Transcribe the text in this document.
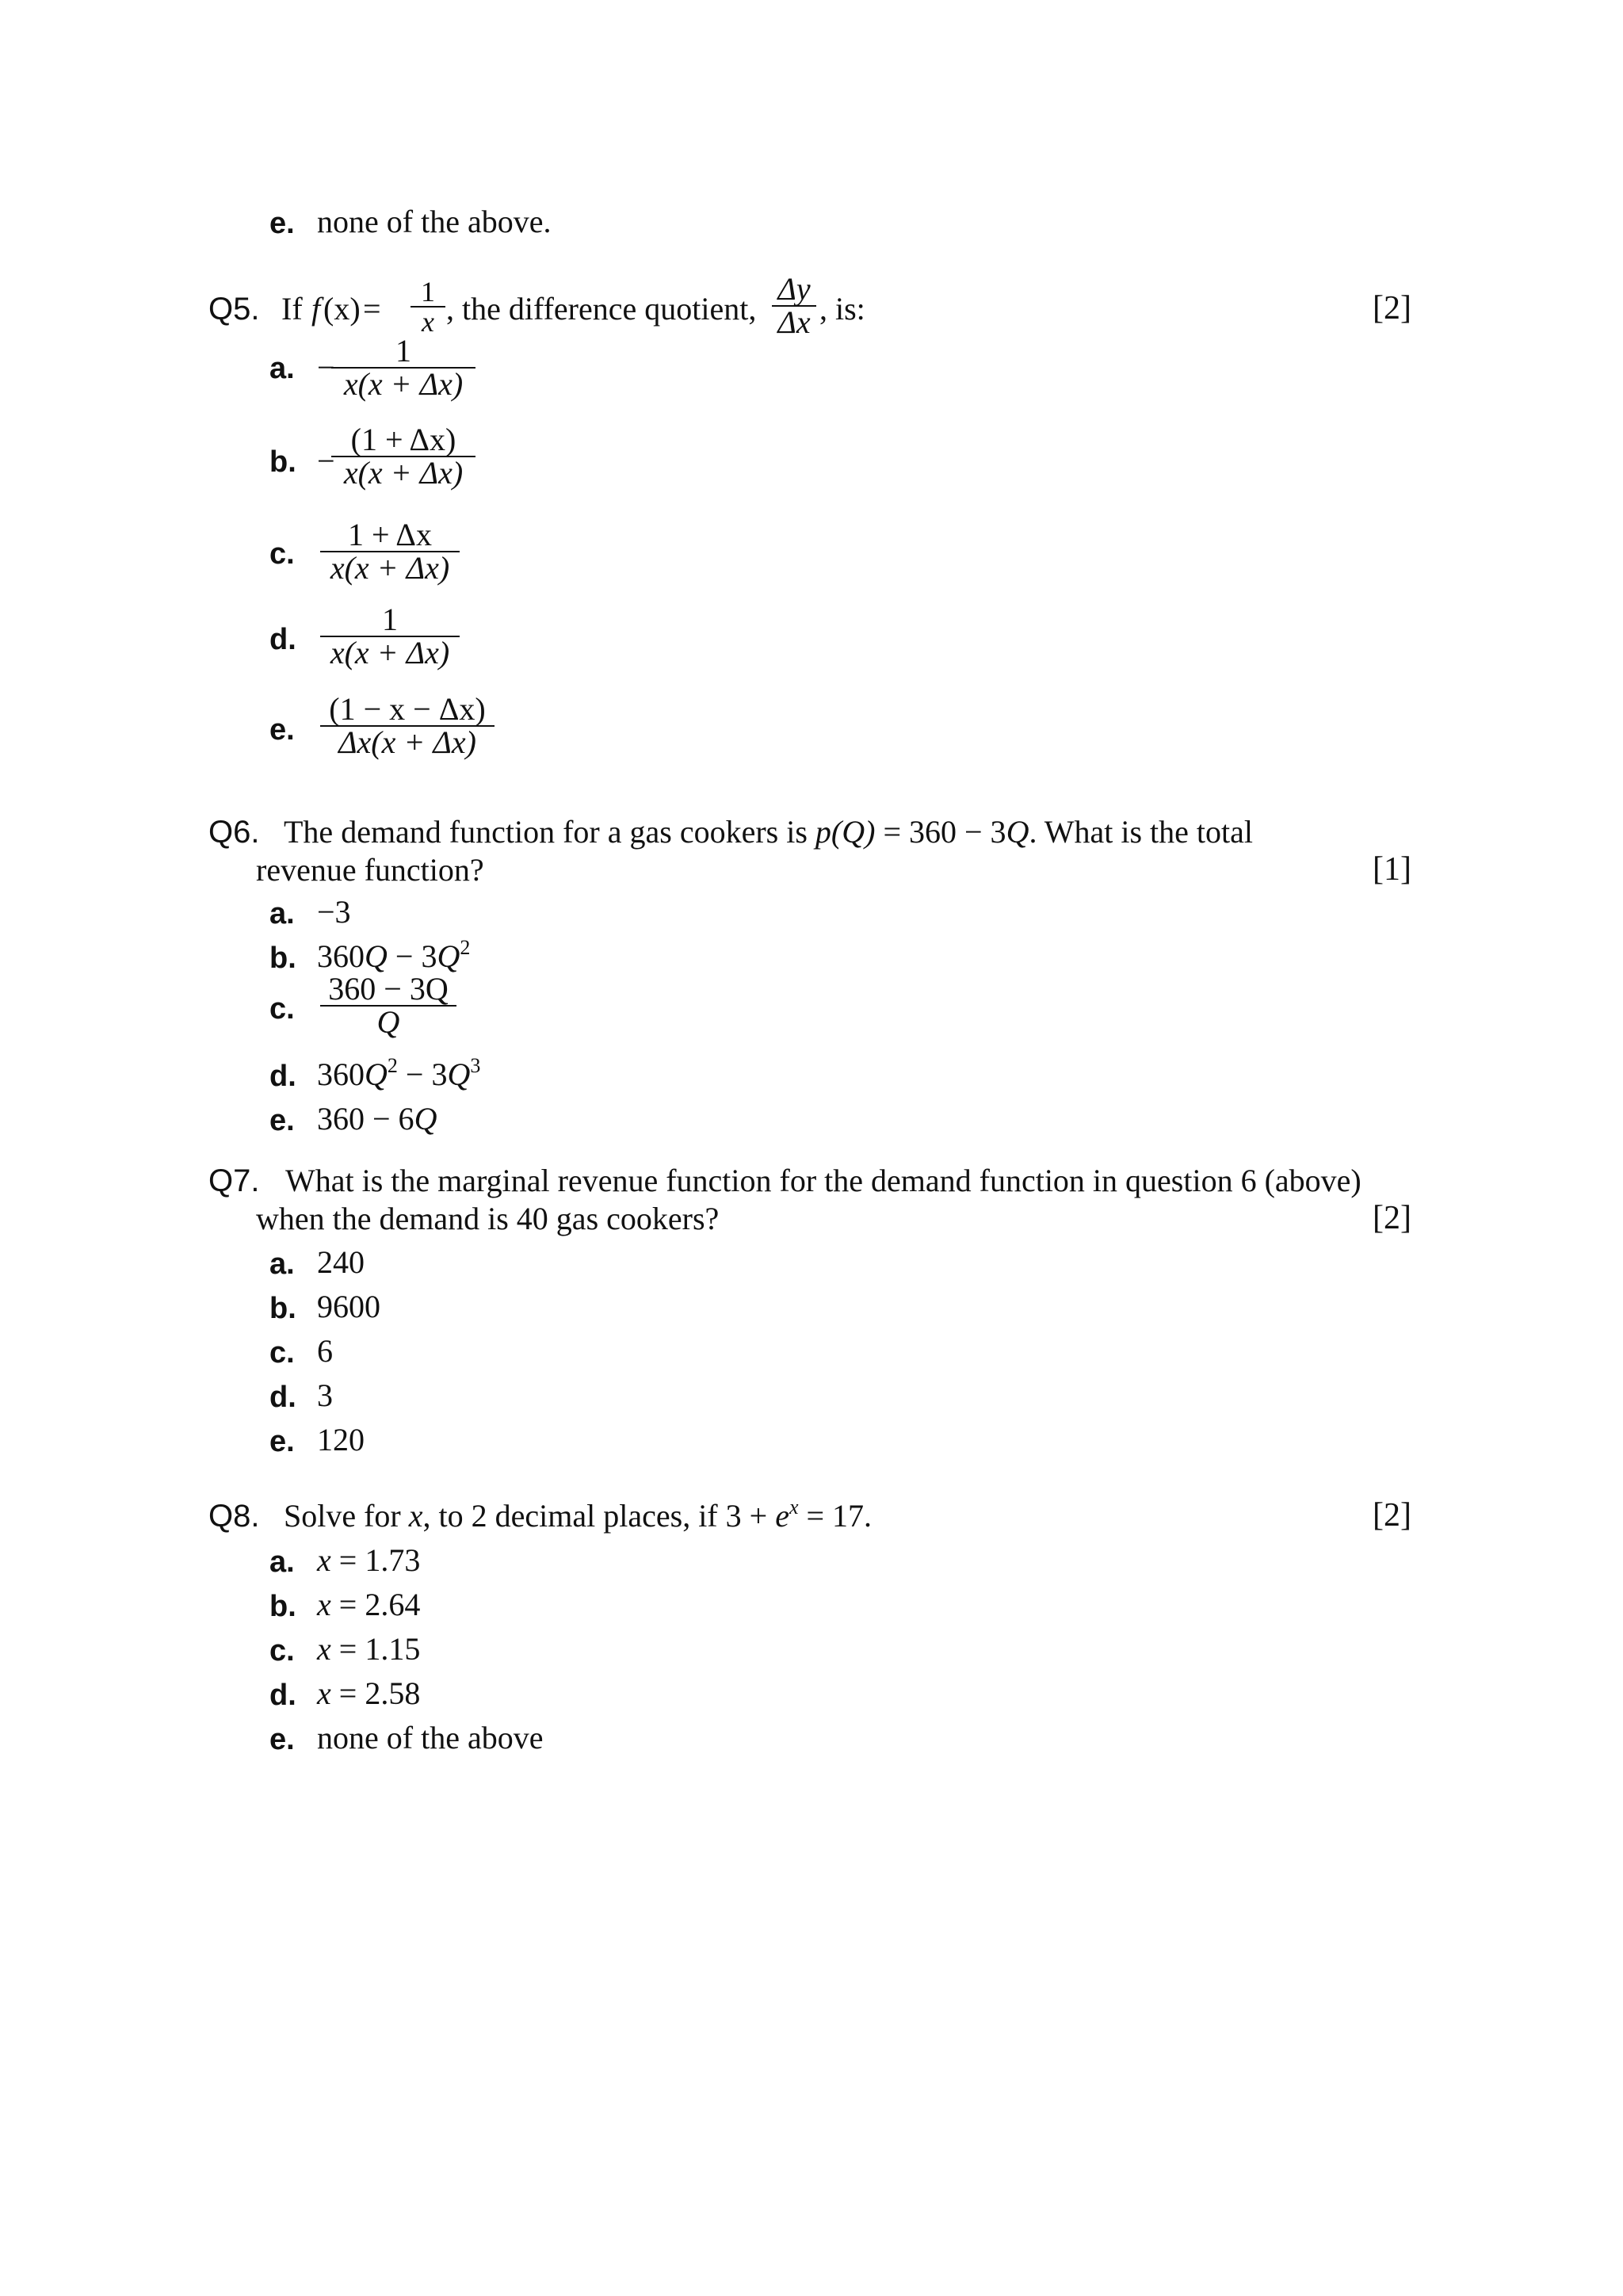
e. none of the above.
Q5. If f (x) =	1
x , the difference quotient,
Δy
Δx , is:	[2]
a. −	1
x(x + Δx)
b. −
(1 + Δx)
x(x + Δx)
c.
1 + Δx
x(x + Δx)
d.
1
x(x + Δx)
e.
(1 − x − Δx)
Δx(x + Δx)
Q6. The demand function for a gas cookers is p(Q) = 360 − 3Q. What is the total
revenue function?	[1]
a. −3
b. $360Q - 3Q^2$
c.
360 − 3Q
Q
d. $360Q^2 - 3Q^3$
e. 360 − 6Q
Q7. What is the marginal revenue function for the demand function in question 6 (above)
when the demand is 40 gas cookers?	[2]
a. 240
b. 9600
c. 6
d. 3
e. 120
Q8. Solve for x, to 2 decimal places, if $3 + e^x = 17$.	[2]
a. x = 1.73
b. x = 2.64
c. x = 1.15
d. x = 2.58
e. none of the above
